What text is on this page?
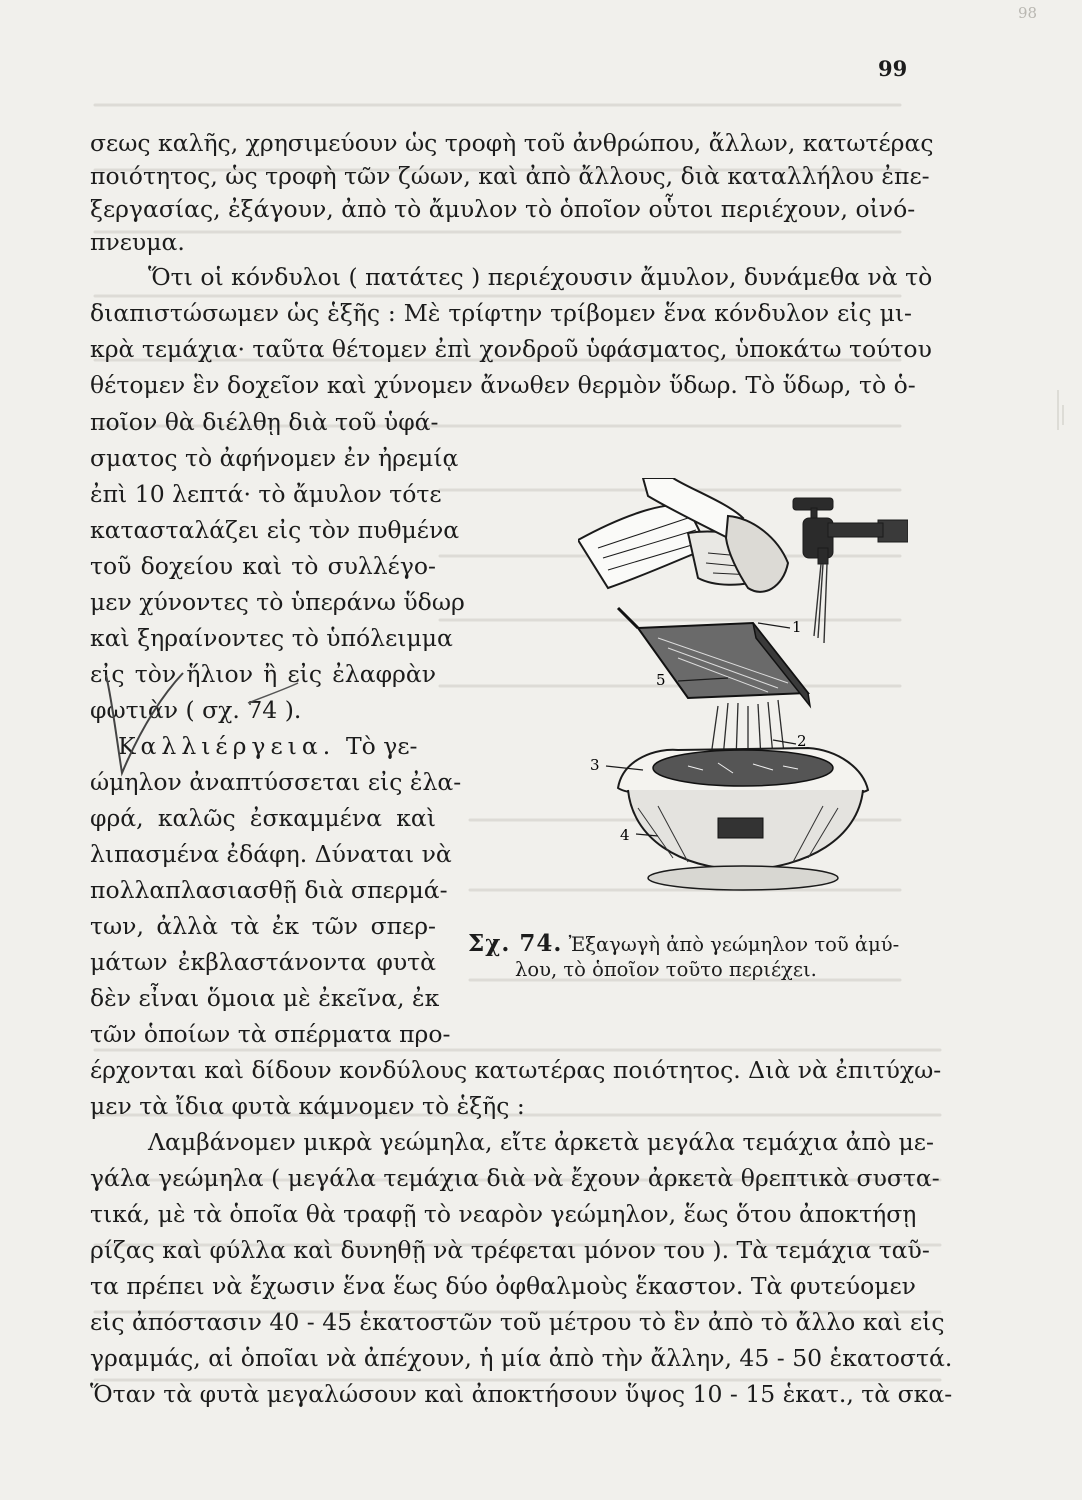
98
99
σεως καλῆς, χρησιμεύουν ὡς τροφὴ τοῦ ἀνθρώπου, ἄλλων, κατωτέρας
ποιότητος, ὡς τροφὴ τῶν ζώων, καὶ ἀπὸ ἄλλους, διὰ καταλλήλου ἐπε-
ξεργασίας, ἐξάγουν, ἀπὸ τὸ ἄμυλον τὸ ὁποῖον οὗτοι περιέχουν, οἰνό-
πνευμα.
Ὅτι οἱ κόνδυλοι ( πατάτες ) περιέχουσιν ἄμυλον, δυνάμεθα νὰ τὸ
διαπιστώσωμεν ὡς ἑξῆς : Μὲ τρίφτην τρίβομεν ἕνα κόνδυλον εἰς μι-
κρὰ τεμάχια· ταῦτα θέτομεν ἐπὶ χονδροῦ ὑφάσματος, ὑποκάτω τούτου
θέτομεν ἓν δοχεῖον καὶ χύνομεν ἄνωθεν θερμὸν ὕδωρ. Τὸ ὕδωρ, τὸ ὁ-
ποῖον θὰ διέλθῃ διὰ τοῦ ὑφά-
σματος τὸ ἀφήνομεν ἐν ἠρεμίᾳ
ἐπὶ 10 λεπτά· τὸ ἄμυλον τότε
κατασταλάζει εἰς τὸν πυθμένα
τοῦ δοχείου καὶ τὸ συλλέγο-
μεν χύνοντες τὸ ὑπεράνω ὕδωρ
καὶ ξηραίνοντες τὸ ὑπόλειμμα
εἰς τὸν ἥλιον ἢ εἰς ἐλαφρὰν
φωτιὰν ( σχ. 74 ).
Καλλιέργεια. Τὸ γε-
ώμηλον ἀναπτύσσεται εἰς ἐλα-
φρά, καλῶς ἐσκαμμένα καὶ
λιπασμένα ἐδάφη. Δύναται νὰ
πολλαπλασιασθῇ διὰ σπερμά-
των, ἀλλὰ τὰ ἐκ τῶν σπερ-
μάτων ἐκβλαστάνοντα φυτὰ
δὲν εἶναι ὅμοια μὲ ἐκεῖνα, ἐκ
τῶν ὁποίων τὰ σπέρματα προ-
έρχονται καὶ δίδουν κονδύλους κατωτέρας ποιότητος. Διὰ νὰ ἐπιτύχω-
μεν τὰ ἴδια φυτὰ κάμνομεν τὸ ἑξῆς :
Λαμβάνομεν μικρὰ γεώμηλα, εἴτε ἀρκετὰ μεγάλα τεμάχια ἀπὸ με-
γάλα γεώμηλα ( μεγάλα τεμάχια διὰ νὰ ἔχουν ἀρκετὰ θρεπτικὰ συστα-
τικά, μὲ τὰ ὁποῖα θὰ τραφῇ τὸ νεαρὸν γεώμηλον, ἕως ὅτου ἀποκτήσῃ
ρίζας καὶ φύλλα καὶ δυνηθῇ νὰ τρέφεται μόνον του ). Τὰ τεμάχια ταῦ-
τα πρέπει νὰ ἔχωσιν ἕνα ἕως δύο ὀφθαλμοὺς ἕκαστον. Τὰ φυτεύομεν
εἰς ἀπόστασιν 40 - 45 ἑκατοστῶν τοῦ μέτρου τὸ ἓν ἀπὸ τὸ ἄλλο καὶ εἰς
γραμμάς, αἱ ὁποῖαι νὰ ἀπέχουν, ἡ μία ἀπὸ τὴν ἄλλην, 45 - 50 ἑκατοστά.
Ὅταν τὰ φυτὰ μεγαλώσουν καὶ ἀποκτήσουν ὕψος 10 - 15 ἑκατ., τὰ σκα-
1
5
2
3
4
Σχ. 74. Ἐξαγωγὴ ἀπὸ γεώμηλον τοῦ ἀμύ-
λου, τὸ ὁποῖον τοῦτο περιέχει.
